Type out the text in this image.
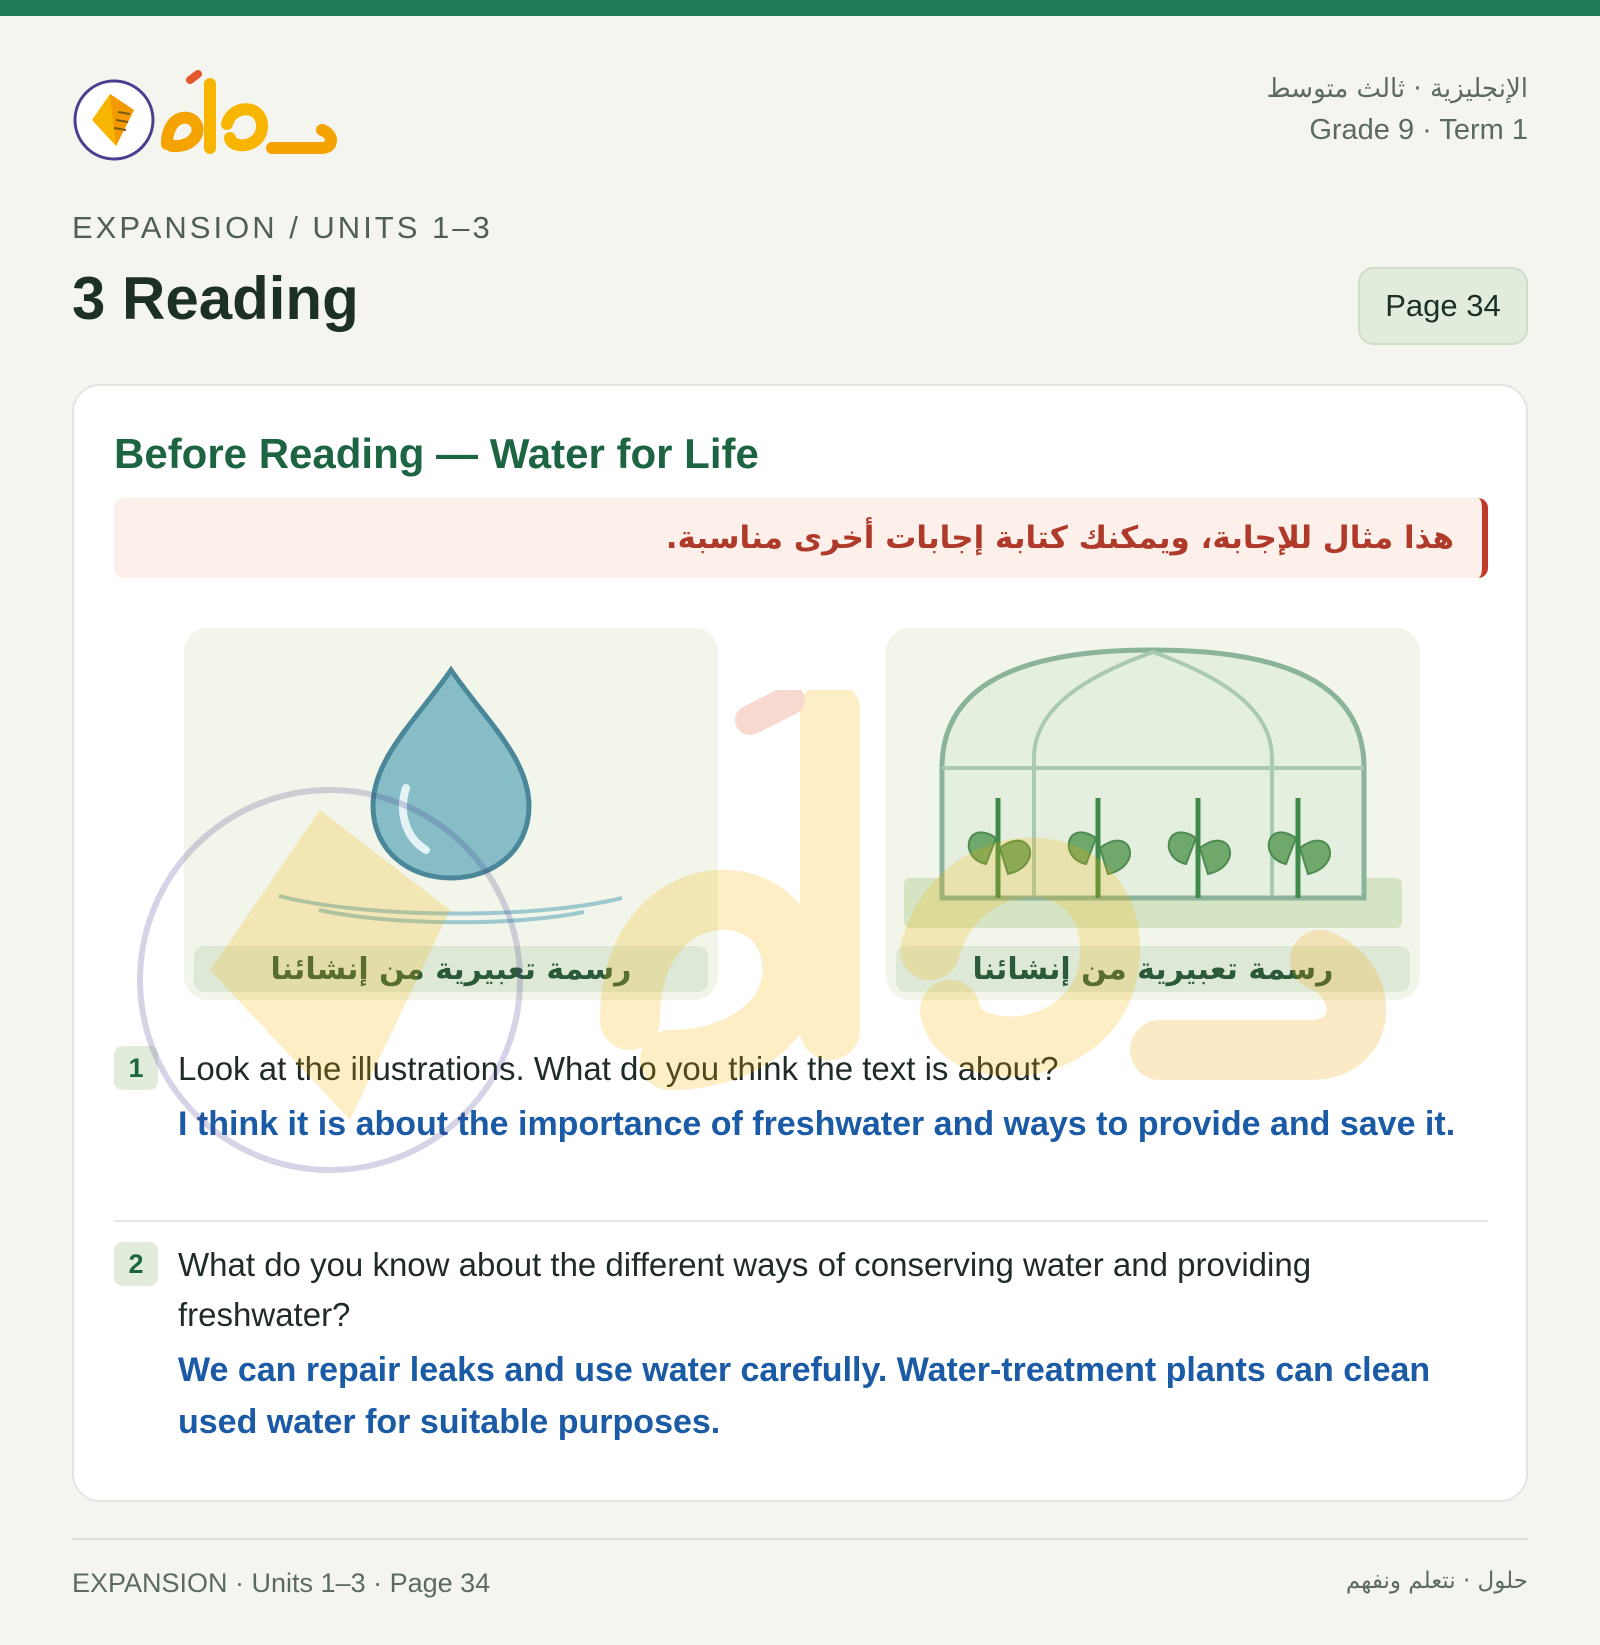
الإنجليزية · ثالث متوسط
Grade 9 · Term 1
EXPANSION / UNITS 1–3
3 Reading	Page 34
Before Reading — Water for Life
هذا مثال للإجابة، ويمكنك كتابة إجابات أخرى مناسبة.
رسمة تعبيرية من إنشائنا	رسمة تعبيرية من إنشائنا
1	Look at the illustrations. What do you think the text is about?
I think it is about the importance of freshwater and ways to provide and save it.
2	What do you know about the different ways of conserving water and providing freshwater?
We can repair leaks and use water carefully. Water-treatment plants can clean used water for suitable purposes.
EXPANSION · Units 1–3 · Page 34	حلول · نتعلم ونفهم
